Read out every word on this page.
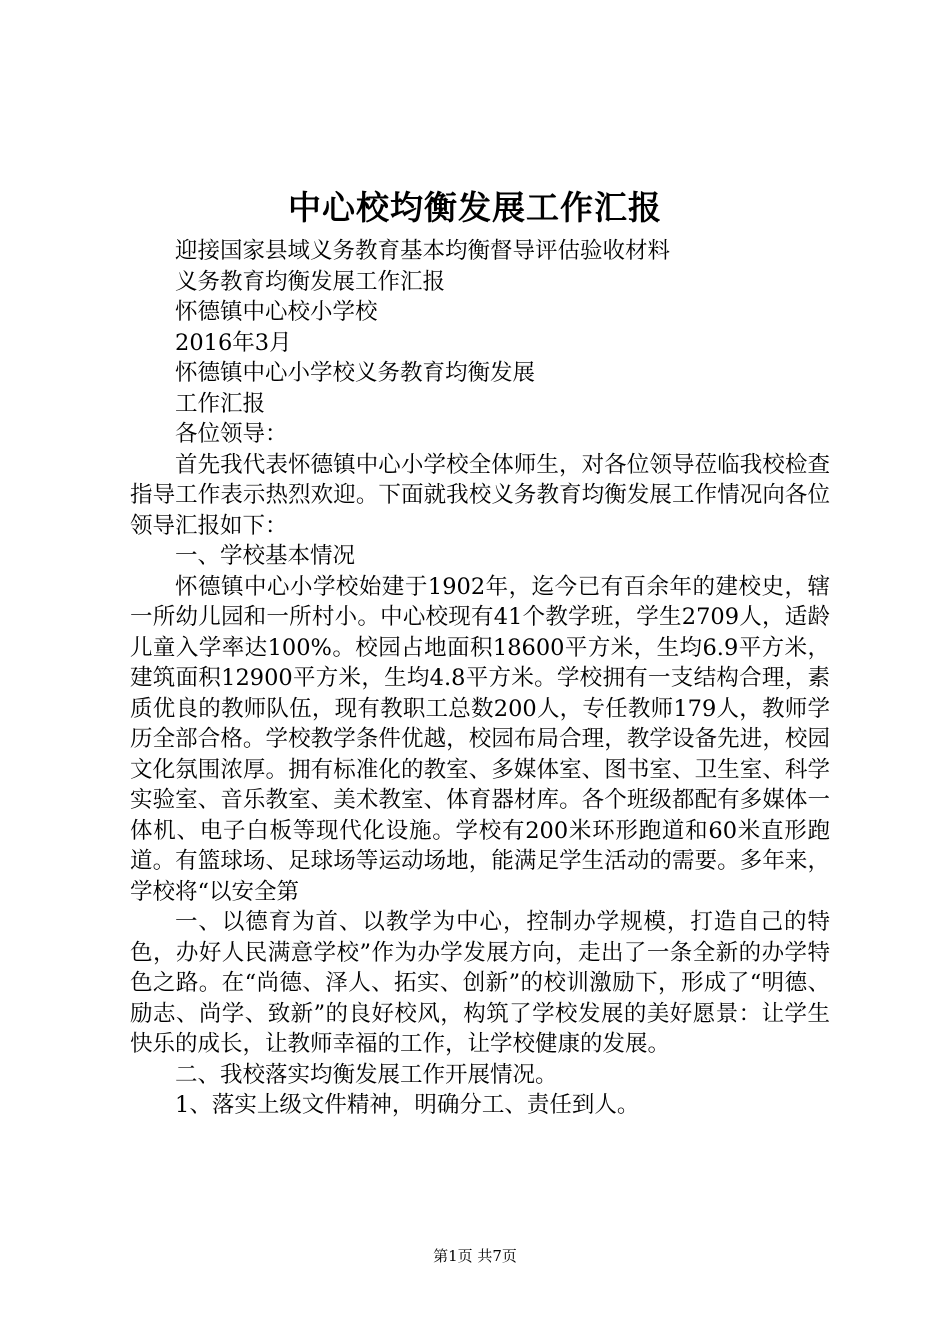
中心校均衡发展工作汇报

迎接国家县域义务教育基本均衡督导评估验收材料

义务教育均衡发展工作汇报

怀德镇中心校小学校

2016年3月

怀德镇中心小学校义务教育均衡发展

工作汇报

各位领导：

首先我代表怀德镇中心小学校全体师生，对各位领导莅临我校检查指导工作表示热烈欢迎。下面就我校义务教育均衡发展工作情况向各位领导汇报如下：

一、学校基本情况

怀德镇中心小学校始建于1902年，迄今已有百余年的建校史，辖一所幼儿园和一所村小。中心校现有41个教学班，学生2709人，适龄儿童入学率达100%。校园占地面积18600平方米，生均6.9平方米，建筑面积12900平方米，生均4.8平方米。学校拥有一支结构合理，素质优良的教师队伍，现有教职工总数200人，专任教师179人，教师学历全部合格。学校教学条件优越，校园布局合理，教学设备先进，校园文化氛围浓厚。拥有标准化的教室、多媒体室、图书室、卫生室、科学实验室、音乐教室、美术教室、体育器材库。各个班级都配有多媒体一体机、电子白板等现代化设施。学校有200米环形跑道和60米直形跑道。有篮球场、足球场等运动场地，能满足学生活动的需要。多年来，学校将“以安全第

一、以德育为首、以教学为中心，控制办学规模，打造自己的特色，办好人民满意学校”作为办学发展方向，走出了一条全新的办学特色之路。在“尚德、泽人、拓实、创新”的校训激励下，形成了“明德、励志、尚学、致新”的良好校风，构筑了学校发展的美好愿景：让学生快乐的成长，让教师幸福的工作，让学校健康的发展。

二、我校落实均衡发展工作开展情况。

1、落实上级文件精神，明确分工、责任到人。

第1页 共7页
